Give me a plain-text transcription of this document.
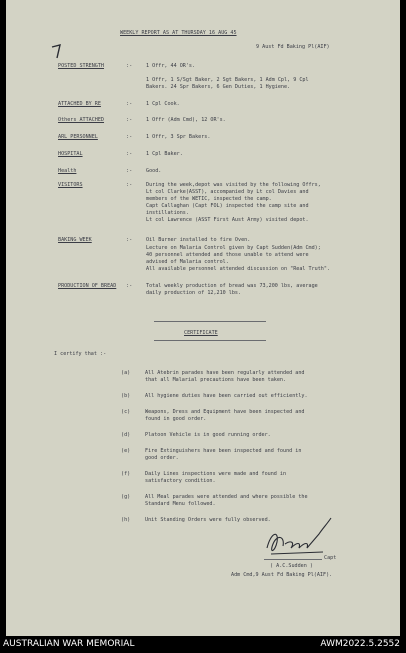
WEEKLY REPORT AS AT THURSDAY 16 AUG 45
9 Aust Fd Baking Pl(AIF)
POSTED STRENGTH	:-	1 Offr, 44 OR's.
1 Offr, 1 S/Sgt Baker, 2 Sgt Bakers, 1 Adm Cpl, 9 Cpl
Bakers. 24 Spr Bakers, 6 Gen Duties, 1 Hygiene.
ATTACHED BY RE	:-	1 Cpl Cook.
Others ATTACHED	:-	1 Offr (Adm Cmd), 12 OR's.
ARL PERSONNEL	:-	1 Offr, 3 Spr Bakers.
HOSPITAL	:-	1 Cpl Baker.
Health	:-	Good.
VISITORS	:-	During the week,depot was visited by the following Offrs,
Lt col Clarke(ASST), accompanied by Lt col Davies and
members of the WETIC, inspected the camp.
Capt Callaghan (Capt FOL) inspected the camp site and
instillations.
Lt col Lawrence (ASST First Aust Army) visited depot.
BAKING WEEK	:-	Oil Burner installed to fire Oven.
Lecture on Malaria Control given by Capt Sudden(Adm Cmd);
40 personnel attended and those unable to attend were
advised of Malaria control.
All available personnel attended discussion on "Real Truth".
PRODUCTION OF BREAD :-	Total weekly production of bread was 73,200 lbs, average
daily production of 12,210 lbs.
CERTIFICATE
I certify that :-
(a)	All Atebrin parades have been regularly attended and
that all Malarial precautions have been taken.
(b)	All hygiene duties have been carried out efficiently.
(c)	Weapons, Dress and Equipment have been inspected and
found in good order.
(d)	Platoon Vehicle is in good running order.
(e)	Fire Extinguishers have been inspected and found in
good order.
(f)	Daily Lines inspections were made and found in
satisfactory condition.
(g)	All Meal parades were attended and where possible the
Standard Menu followed.
(h)	Unit Standing Orders were fully observed.
Capt
( A.C.Sudden )
Adm Cmd,9 Aust Fd Baking Pl(AIF).
AUSTRALIAN WAR MEMORIAL	AWM2022.5.2552
